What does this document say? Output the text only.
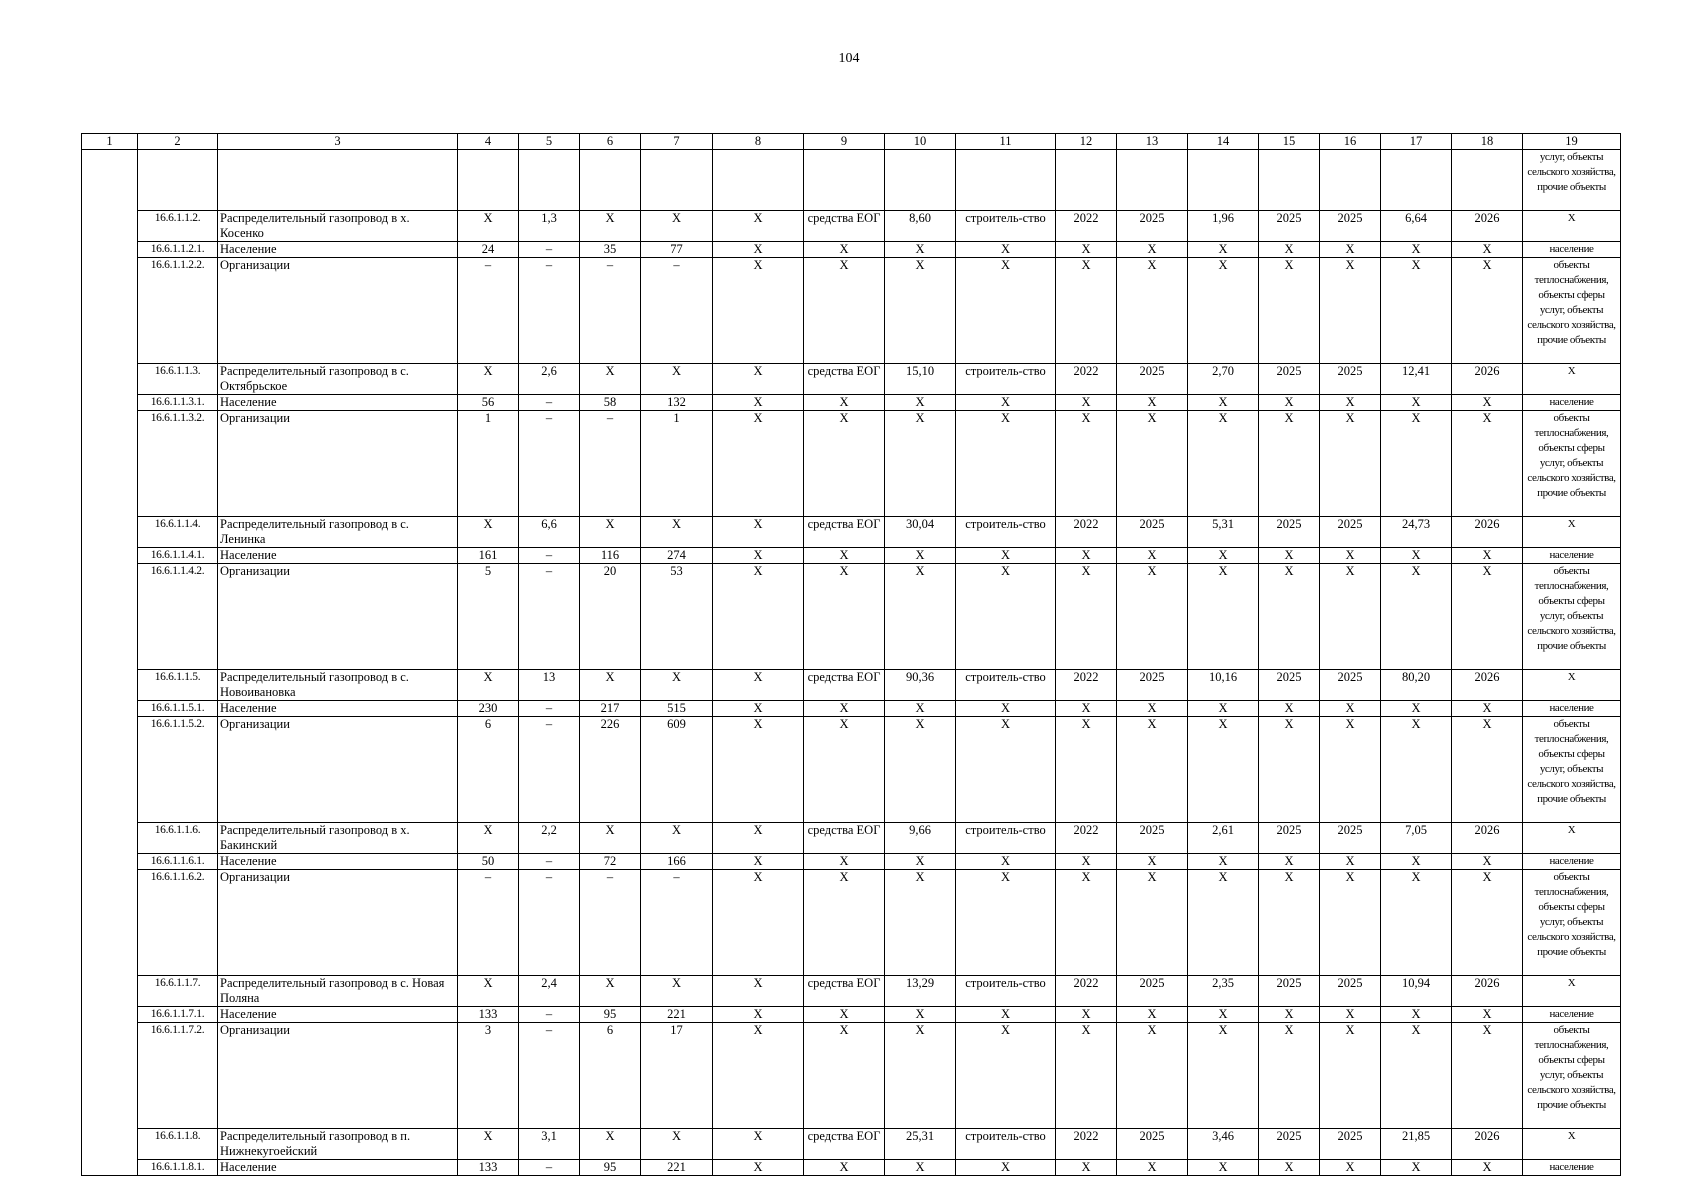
104
1	2	3	4	5	6	7	8	9	10	11	12	13	14	15	16	17	18	19
																		услуг, объекты сельского хозяйства, прочие объекты
	16.6.1.1.2.	Распределительный газопровод в х. Косенко	Х	1,3	Х	Х	Х	средства ЕОГ	8,60	строитель-ство	2022	2025	1,96	2025	2025	6,64	2026	Х
	16.6.1.1.2.1.	Население	24	–	35	77	Х	Х	Х	Х	Х	Х	Х	Х	Х	Х	Х	население
	16.6.1.1.2.2.	Организации	–	–	–	–	Х	Х	Х	Х	Х	Х	Х	Х	Х	Х	Х	объекты теплоснабжения, объекты сферы услуг, объекты сельского хозяйства, прочие объекты
	16.6.1.1.3.	Распределительный газопровод в с. Октябрьское	Х	2,6	Х	Х	Х	средства ЕОГ	15,10	строитель-ство	2022	2025	2,70	2025	2025	12,41	2026	Х
	16.6.1.1.3.1.	Население	56	–	58	132	Х	Х	Х	Х	Х	Х	Х	Х	Х	Х	Х	население
	16.6.1.1.3.2.	Организации	1	–	–	1	Х	Х	Х	Х	Х	Х	Х	Х	Х	Х	Х	объекты теплоснабжения, объекты сферы услуг, объекты сельского хозяйства, прочие объекты
	16.6.1.1.4.	Распределительный газопровод в с. Ленинка	Х	6,6	Х	Х	Х	средства ЕОГ	30,04	строитель-ство	2022	2025	5,31	2025	2025	24,73	2026	Х
	16.6.1.1.4.1.	Население	161	–	116	274	Х	Х	Х	Х	Х	Х	Х	Х	Х	Х	Х	население
	16.6.1.1.4.2.	Организации	5	–	20	53	Х	Х	Х	Х	Х	Х	Х	Х	Х	Х	Х	объекты теплоснабжения, объекты сферы услуг, объекты сельского хозяйства, прочие объекты
	16.6.1.1.5.	Распределительный газопровод в с. Новоивановка	Х	13	Х	Х	Х	средства ЕОГ	90,36	строитель-ство	2022	2025	10,16	2025	2025	80,20	2026	Х
	16.6.1.1.5.1.	Население	230	–	217	515	Х	Х	Х	Х	Х	Х	Х	Х	Х	Х	Х	население
	16.6.1.1.5.2.	Организации	6	–	226	609	Х	Х	Х	Х	Х	Х	Х	Х	Х	Х	Х	объекты теплоснабжения, объекты сферы услуг, объекты сельского хозяйства, прочие объекты
	16.6.1.1.6.	Распределительный газопровод в х. Бакинский	Х	2,2	Х	Х	Х	средства ЕОГ	9,66	строитель-ство	2022	2025	2,61	2025	2025	7,05	2026	Х
	16.6.1.1.6.1.	Население	50	–	72	166	Х	Х	Х	Х	Х	Х	Х	Х	Х	Х	Х	население
	16.6.1.1.6.2.	Организации	–	–	–	–	Х	Х	Х	Х	Х	Х	Х	Х	Х	Х	Х	объекты теплоснабжения, объекты сферы услуг, объекты сельского хозяйства, прочие объекты
	16.6.1.1.7.	Распределительный газопровод в с. Новая Поляна	Х	2,4	Х	Х	Х	средства ЕОГ	13,29	строитель-ство	2022	2025	2,35	2025	2025	10,94	2026	Х
	16.6.1.1.7.1.	Население	133	–	95	221	Х	Х	Х	Х	Х	Х	Х	Х	Х	Х	Х	население
	16.6.1.1.7.2.	Организации	3	–	6	17	Х	Х	Х	Х	Х	Х	Х	Х	Х	Х	Х	объекты теплоснабжения, объекты сферы услуг, объекты сельского хозяйства, прочие объекты
	16.6.1.1.8.	Распределительный газопровод в п. Нижнекугоейский	Х	3,1	Х	Х	Х	средства ЕОГ	25,31	строитель-ство	2022	2025	3,46	2025	2025	21,85	2026	Х
	16.6.1.1.8.1.	Население	133	–	95	221	Х	Х	Х	Х	Х	Х	Х	Х	Х	Х	Х	население
